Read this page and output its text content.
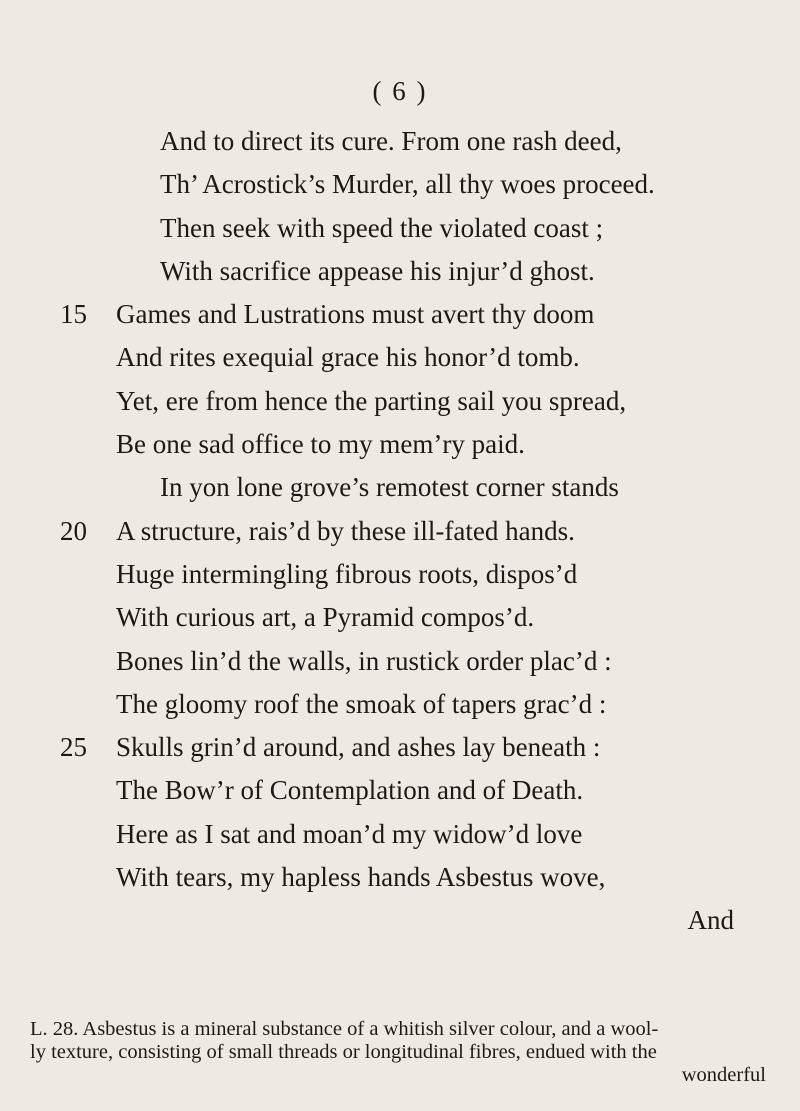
( 6 )
And to direct its cure. From one rash deed,
Th’ Acrostick’s Murder, all thy woes proceed.
Then seek with speed the violated coast ;
With sacrifice appease his injur’d ghost.
15	Games and Lustrations must avert thy doom
And rites exequial grace his honor’d tomb.
Yet, ere from hence the parting sail you spread,
Be one sad office to my mem’ry paid.
In yon lone grove’s remotest corner stands
20	A structure, rais’d by these ill-fated hands.
Huge intermingling fibrous roots, dispos’d
With curious art, a Pyramid compos’d.
Bones lin’d the walls, in rustick order plac’d :
The gloomy roof the smoak of tapers grac’d :
25	Skulls grin’d around, and ashes lay beneath :
The Bow’r of Contemplation and of Death.
Here as I sat and moan’d my widow’d love
With tears, my hapless hands Asbestus wove,
And
L. 28. Asbestus is a mineral substance of a whitish silver colour, and a wool-
ly texture, consisting of small threads or longitudinal fibres, endued with the
wonderful
